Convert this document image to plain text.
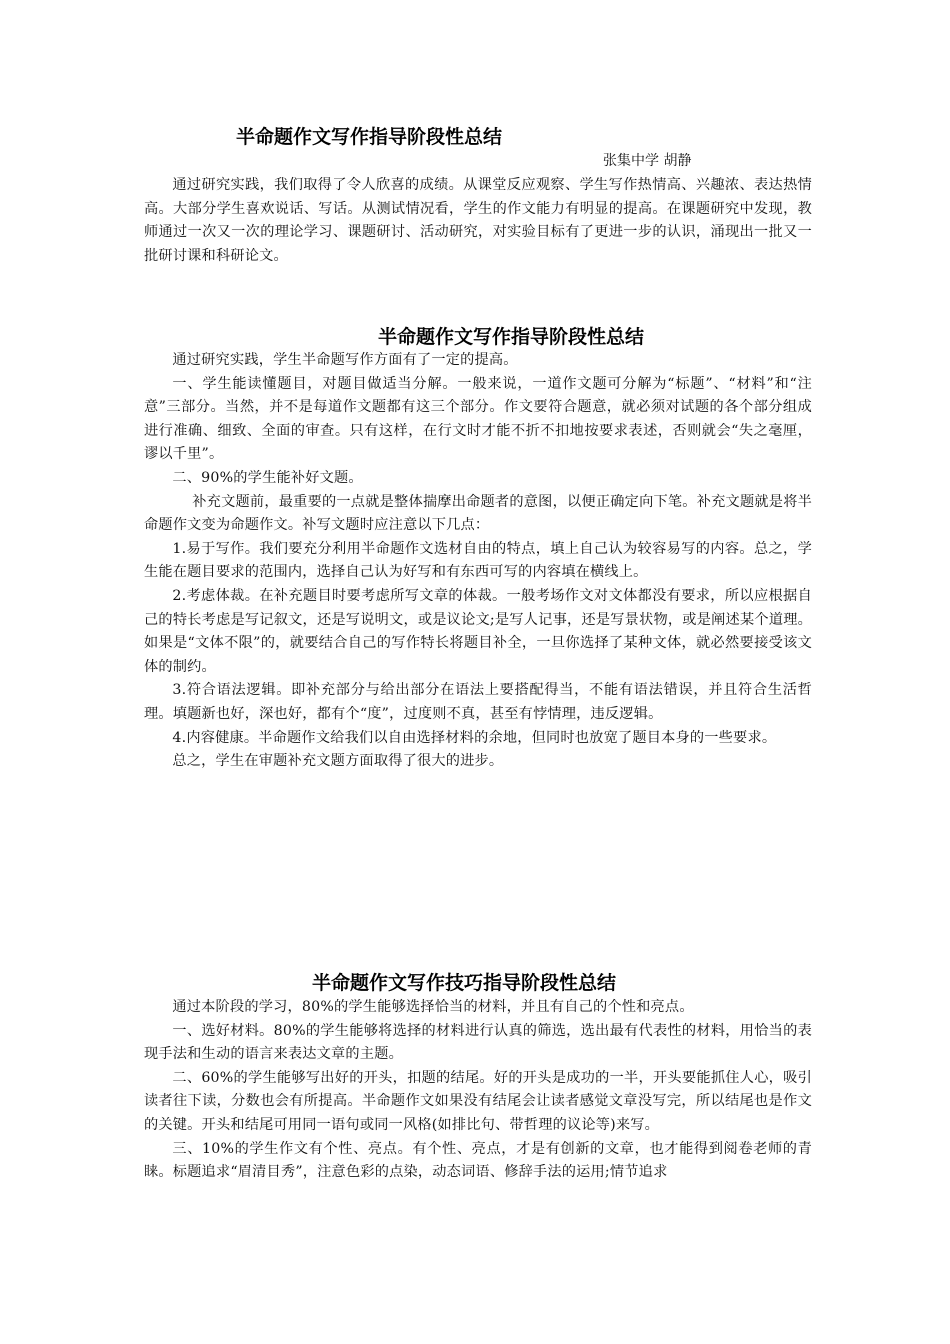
半命题作文写作指导阶段性总结
张集中学 胡静

通过研究实践，我们取得了令人欣喜的成绩。从课堂反应观察、学生写作热情高、兴趣浓、表达热情高。大部分学生喜欢说话、写话。从测试情况看，学生的作文能力有明显的提高。在课题研究中发现，教师通过一次又一次的理论学习、课题研讨、活动研究，对实验目标有了更进一步的认识，涌现出一批又一批研讨课和科研论文。

半命题作文写作指导阶段性总结

通过研究实践，学生半命题写作方面有了一定的提高。

一、学生能读懂题目，对题目做适当分解。一般来说，一道作文题可分解为“标题”、“材料”和“注意”三部分。当然，并不是每道作文题都有这三个部分。作文要符合题意，就必须对试题的各个部分组成进行准确、细致、全面的审查。只有这样，在行文时才能不折不扣地按要求表述，否则就会“失之毫厘，谬以千里”。

二、90%的学生能补好文题。

补充文题前，最重要的一点就是整体揣摩出命题者的意图，以便正确定向下笔。补充文题就是将半命题作文变为命题作文。补写文题时应注意以下几点：

1.易于写作。我们要充分利用半命题作文选材自由的特点，填上自己认为较容易写的内容。总之，学生能在题目要求的范围内，选择自己认为好写和有东西可写的内容填在横线上。

2.考虑体裁。在补充题目时要考虑所写文章的体裁。一般考场作文对文体都没有要求，所以应根据自己的特长考虑是写记叙文，还是写说明文，或是议论文;是写人记事，还是写景状物，或是阐述某个道理。如果是“文体不限”的，就要结合自己的写作特长将题目补全，一旦你选择了某种文体，就必然要接受该文体的制约。

3.符合语法逻辑。即补充部分与给出部分在语法上要搭配得当，不能有语法错误，并且符合生活哲理。填题新也好，深也好，都有个“度”，过度则不真，甚至有悖情理，违反逻辑。

4.内容健康。半命题作文给我们以自由选择材料的余地，但同时也放宽了题目本身的一些要求。

总之，学生在审题补充文题方面取得了很大的进步。

半命题作文写作技巧指导阶段性总结

通过本阶段的学习，80%的学生能够选择恰当的材料，并且有自己的个性和亮点。

一、选好材料。80%的学生能够将选择的材料进行认真的筛选，选出最有代表性的材料，用恰当的表现手法和生动的语言来表达文章的主题。

二、60%的学生能够写出好的开头，扣题的结尾。好的开头是成功的一半，开头要能抓住人心，吸引读者往下读，分数也会有所提高。半命题作文如果没有结尾会让读者感觉文章没写完，所以结尾也是作文的关键。开头和结尾可用同一语句或同一风格(如排比句、带哲理的议论等)来写。

三、10%的学生作文有个性、亮点。有个性、亮点，才是有创新的文章，也才能得到阅卷老师的青睐。标题追求“眉清目秀”，注意色彩的点染，动态词语、修辞手法的运用;情节追求
